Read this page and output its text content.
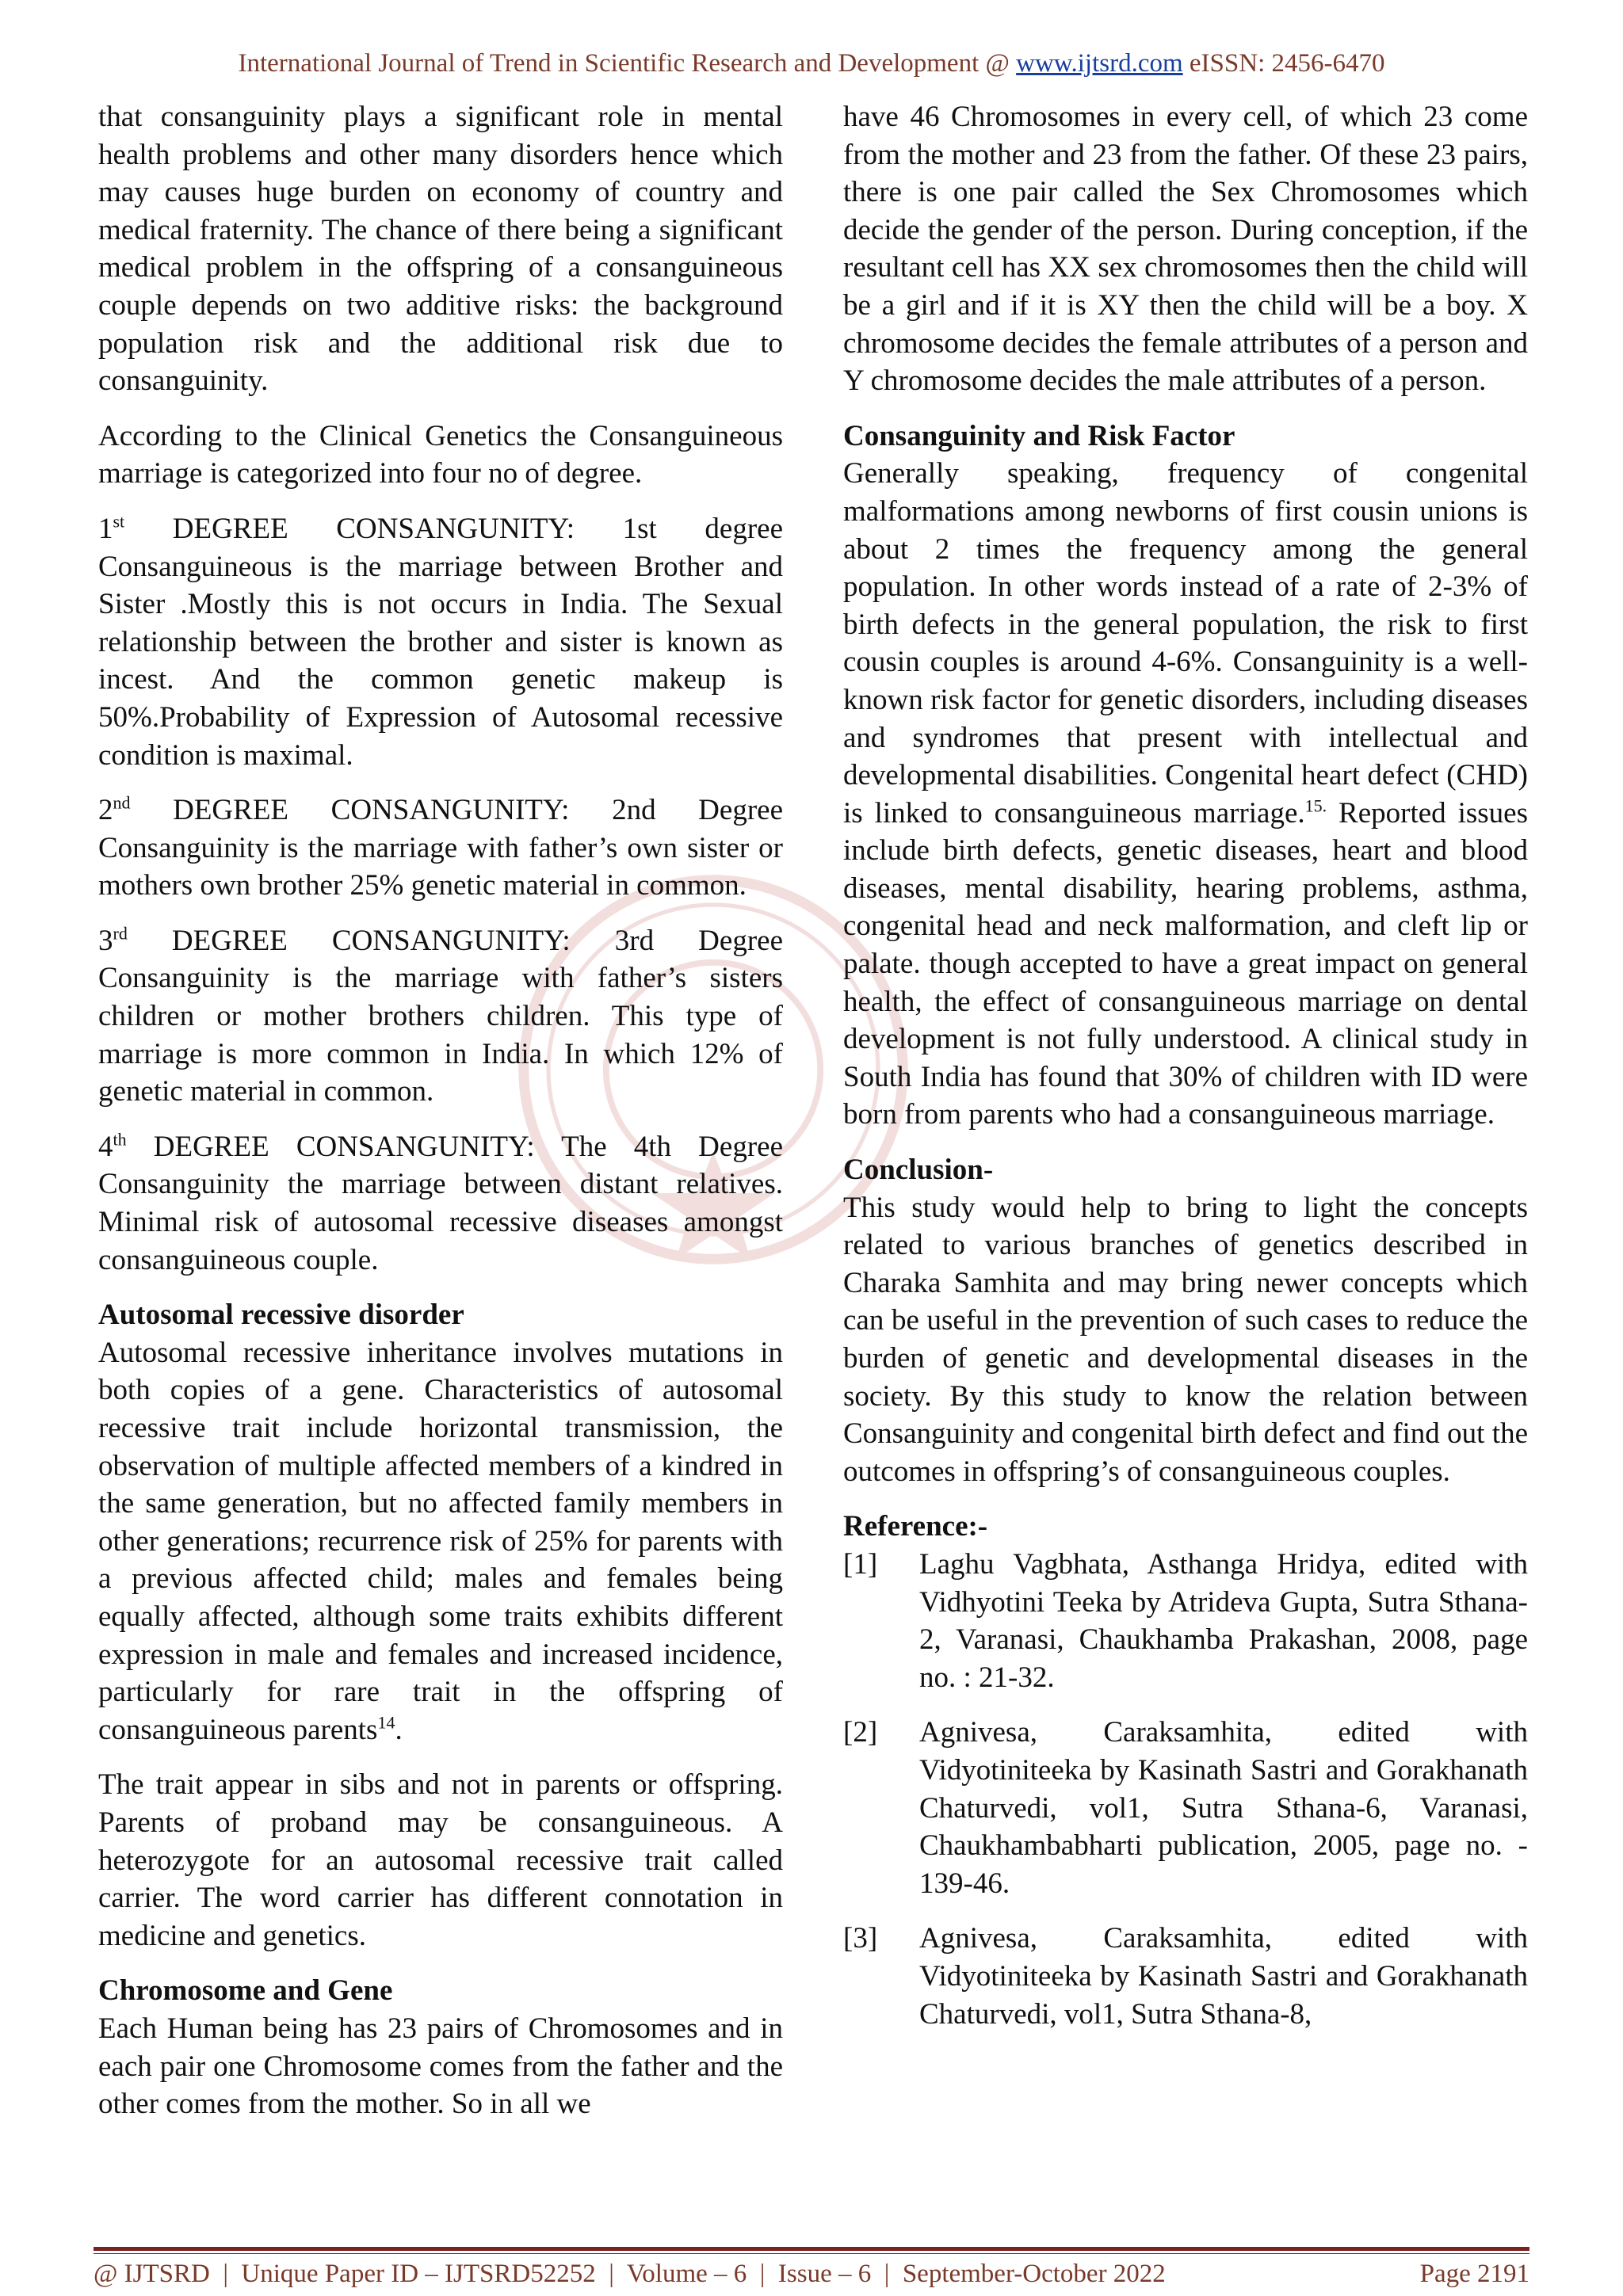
International Journal of Trend in Scientific Research and Development @ www.ijtsrd.com eISSN: 2456-6470

that consanguinity plays a significant role in mental health problems and other many disorders hence which may causes huge burden on economy of country and medical fraternity. The chance of there being a significant medical problem in the offspring of a consanguineous couple depends on two additive risks: the background population risk and the additional risk due to consanguinity.

According to the Clinical Genetics the Consanguineous marriage is categorized into four no of degree.

1st DEGREE CONSANGUNITY: 1st degree Consanguineous is the marriage between Brother and Sister .Mostly this is not occurs in India. The Sexual relationship between the brother and sister is known as incest. And the common genetic makeup is 50%.Probability of Expression of Autosomal recessive condition is maximal.

2nd DEGREE CONSANGUNITY: 2nd Degree Consanguinity is the marriage with father’s own sister or mothers own brother 25% genetic material in common.

3rd DEGREE CONSANGUNITY: 3rd Degree Consanguinity is the marriage with father’s sisters children or mother brothers children. This type of marriage is more common in India. In which 12% of genetic material in common.

4th DEGREE CONSANGUNITY: The 4th Degree Consanguinity the marriage between distant relatives. Minimal risk of autosomal recessive diseases amongst consanguineous couple.

Autosomal recessive disorder

Autosomal recessive inheritance involves mutations in both copies of a gene. Characteristics of autosomal recessive trait include horizontal transmission, the observation of multiple affected members of a kindred in the same generation, but no affected family members in other generations; recurrence risk of 25% for parents with a previous affected child; males and females being equally affected, although some traits exhibits different expression in male and females and increased incidence, particularly for rare trait in the offspring of consanguineous parents$^{14}$.

The trait appear in sibs and not in parents or offspring. Parents of proband may be consanguineous. A heterozygote for an autosomal recessive trait called carrier. The word carrier has different connotation in medicine and genetics.

Chromosome and Gene

Each Human being has 23 pairs of Chromosomes and in each pair one Chromosome comes from the father and the other comes from the mother. So in all we

have 46 Chromosomes in every cell, of which 23 come from the mother and 23 from the father. Of these 23 pairs, there is one pair called the Sex Chromosomes which decide the gender of the person. During conception, if the resultant cell has XX sex chromosomes then the child will be a girl and if it is XY then the child will be a boy. X chromosome decides the female attributes of a person and Y chromosome decides the male attributes of a person.

Consanguinity and Risk Factor

Generally speaking, frequency of congenital malformations among newborns of first cousin unions is about 2 times the frequency among the general population. In other words instead of a rate of 2-3% of birth defects in the general population, the risk to first cousin couples is around 4-6%. Consanguinity is a well-known risk factor for genetic disorders, including diseases and syndromes that present with intellectual and developmental disabilities. Congenital heart defect (CHD) is linked to consanguineous marriage.$^{15.}$ Reported issues include birth defects, genetic diseases, heart and blood diseases, mental disability, hearing problems, asthma, congenital head and neck malformation, and cleft lip or palate. though accepted to have a great impact on general health, the effect of consanguineous marriage on dental development is not fully understood. A clinical study in South India has found that 30% of children with ID were born from parents who had a consanguineous marriage.

Conclusion-

This study would help to bring to light the concepts related to various branches of genetics described in Charaka Samhita and may bring newer concepts which can be useful in the prevention of such cases to reduce the burden of genetic and developmental diseases in the society. By this study to know the relation between Consanguinity and congenital birth defect and find out the outcomes in offspring’s of consanguineous couples.

Reference:-
[1]	Laghu Vagbhata, Asthanga Hridya, edited with Vidhyotini Teeka by Atrideva Gupta, Sutra Sthana-2, Varanasi, Chaukhamba Prakashan, 2008, page no. : 21-32.
[2]	Agnivesa, Caraksamhita, edited with Vidyotiniteeka by Kasinath Sastri and Gorakhanath Chaturvedi, vol1, Sutra Sthana-6, Varanasi, Chaukhambabharti publication, 2005, page no. - 139-46.
[3]	Agnivesa, Caraksamhita, edited with Vidyotiniteeka by Kasinath Sastri and Gorakhanath Chaturvedi, vol1, Sutra Sthana-8,
@ IJTSRD  |  Unique Paper ID – IJTSRD52252  |  Volume – 6  |  Issue – 6  |  September-October 2022	Page 2191
